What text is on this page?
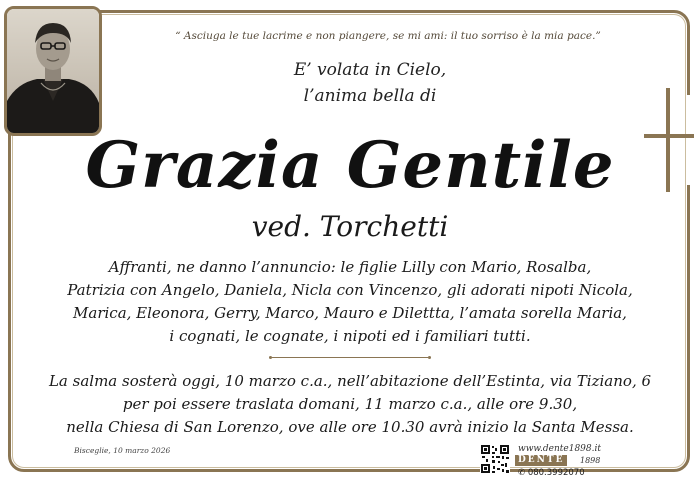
“ Asciuga le tue lacrime e non piangere, se mi ami: il tuo sorriso è la mia pace.”
E’ volata in Cielo,
l’anima bella di
Grazia Gentile
ved. Torchetti
Affranti, ne danno l’annuncio: le figlie Lilly con Mario, Rosalba,
Patrizia con Angelo, Daniela, Nicla con Vincenzo, gli adorati nipoti Nicola,
Marica, Eleonora, Gerry, Marco, Mauro e Dilettta, l’amata sorella Maria,
i cognati, le cognate, i nipoti ed i familiari tutti.
La salma sosterà oggi, 10 marzo c.a., nell’abitazione dell’Estinta, via Tiziano, 6
per poi essere traslata domani, 11 marzo c.a., alle ore 9.30,
nella Chiesa di San Lorenzo, ove alle ore 10.30 avrà inizio la Santa Messa.
Bisceglie, 10 marzo 2026	www.dente1898.it
DENTE	1898
✆ 080.3992070
